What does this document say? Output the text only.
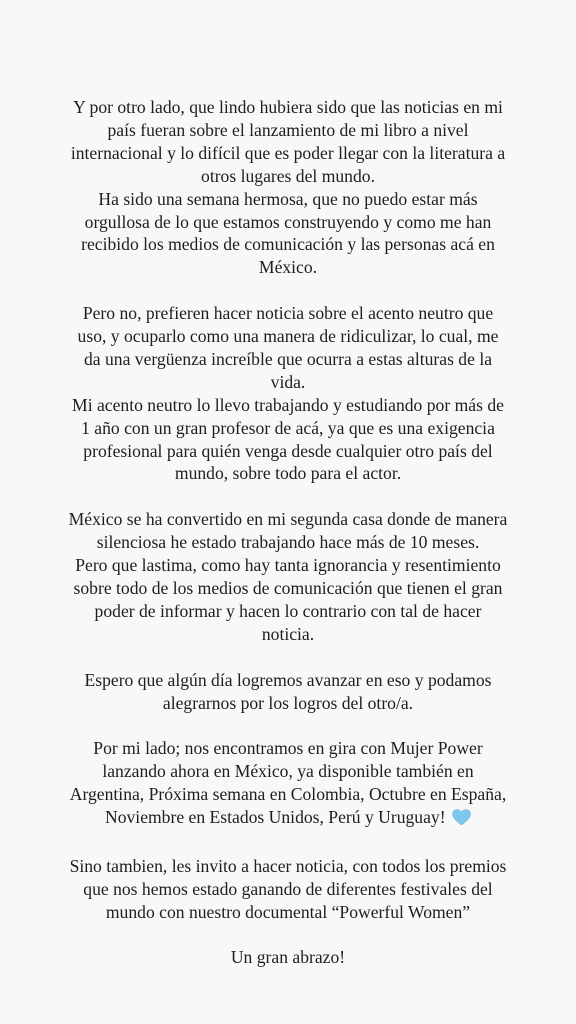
Y por otro lado, que lindo hubiera sido que las noticias en mi país fueran sobre el lanzamiento de mi libro a nivel internacional y lo difícil que es poder llegar con la literatura a otros lugares del mundo.
Ha sido una semana hermosa, que no puedo estar más orgullosa de lo que estamos construyendo y como me han recibido los medios de comunicación y las personas acá en México.

Pero no, prefieren hacer noticia sobre el acento neutro que uso, y ocuparlo como una manera de ridiculizar, lo cual, me da una vergüenza increíble que ocurra a estas alturas de la vida.
Mi acento neutro lo llevo trabajando y estudiando por más de 1 año con un gran profesor de acá, ya que es una exigencia profesional para quién venga desde cualquier otro país del mundo, sobre todo para el actor.

México se ha convertido en mi segunda casa donde de manera silenciosa he estado trabajando hace más de 10 meses.
Pero que lastima, como hay tanta ignorancia y resentimiento sobre todo de los medios de comunicación que tienen el gran poder de informar y hacen lo contrario con tal de hacer noticia.

Espero que algún día logremos avanzar en eso y podamos alegrarnos por los logros del otro/a.

Por mi lado; nos encontramos en gira con Mujer Power lanzando ahora en México, ya disponible también en Argentina, Próxima semana en Colombia, Octubre en España, Noviembre en Estados Unidos, Perú y Uruguay!

Sino tambien, les invito a hacer noticia, con todos los premios que nos hemos estado ganando de diferentes festivales del mundo con nuestro documental “Powerful Women”

Un gran abrazo!
